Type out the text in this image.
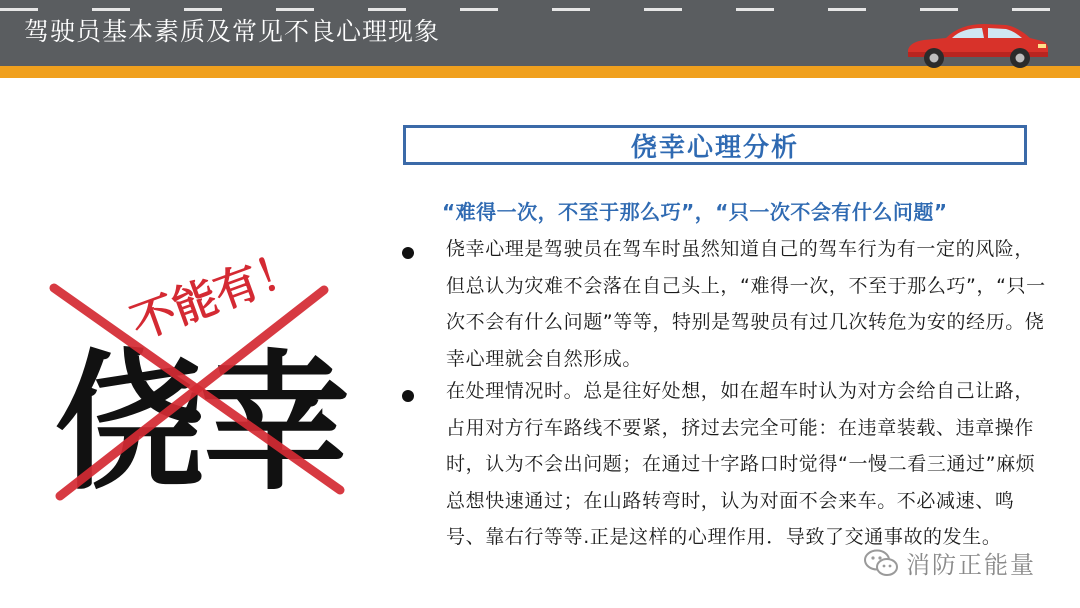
驾驶员基本素质及常见不良心理现象
不能有！
侥幸
侥幸心理分析
“难得一次，不至于那么巧”，“只一次不会有什么问题”
侥幸心理是驾驶员在驾车时虽然知道自己的驾车行为有一定的风险，但总认为灾难不会落在自己头上，“难得一次，不至于那么巧”，“只一次不会有什么问题”等等，特别是驾驶员有过几次转危为安的经历。侥幸心理就会自然形成。
在处理情况时。总是往好处想，如在超车时认为对方会给自己让路，占用对方行车路线不要紧，挤过去完全可能：在违章装载、违章操作时，认为不会出问题；在通过十字路口时觉得“一慢二看三通过”麻烦 总想快速通过；在山路转弯时，认为对面不会来车。不必减速、鸣号、靠右行等等.正是这样的心理作用．导致了交通事故的发生。
消防正能量
